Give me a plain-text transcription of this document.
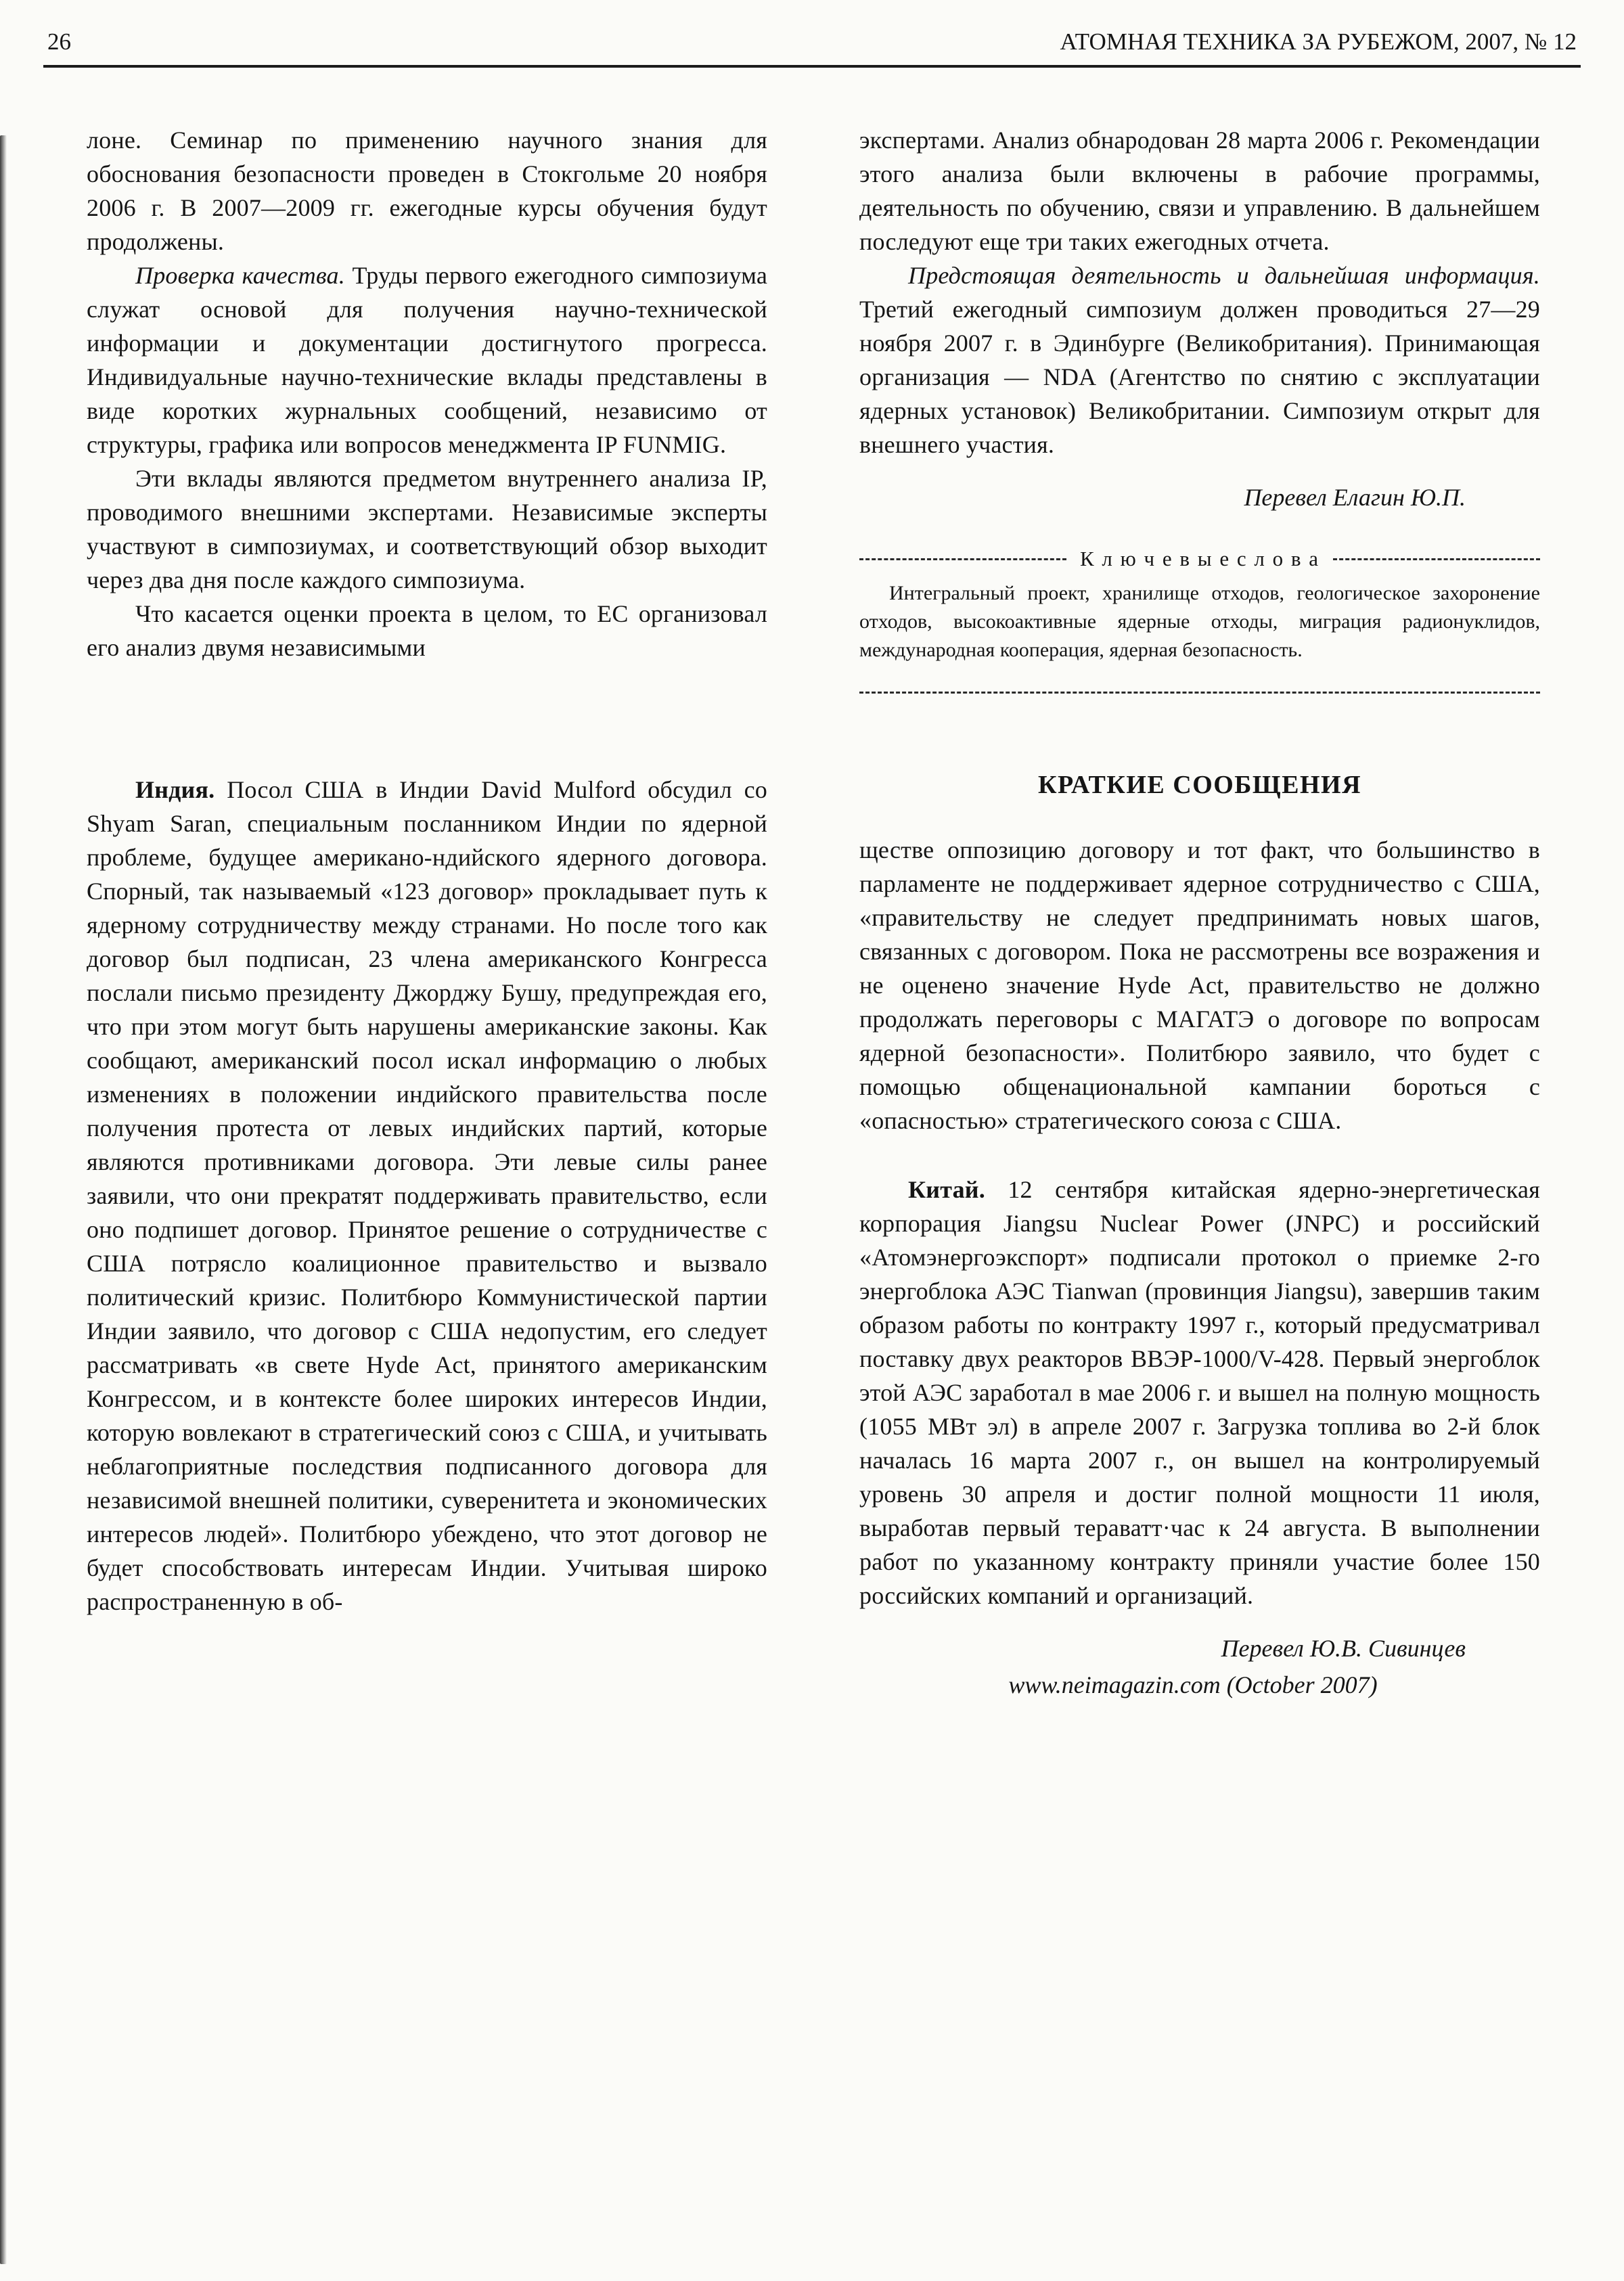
26	АТОМНАЯ ТЕХНИКА ЗА РУБЕЖОМ, 2007, № 12

лоне. Семинар по применению научного знания для обоснования безопасности проведен в Стокгольме 20 ноября 2006 г. В 2007—2009 гг. ежегодные курсы обучения будут продолжены.

Проверка качества. Труды первого ежегодного симпозиума служат основой для получения научно-технической информации и документации достигнутого прогресса. Индивидуальные научно-технические вклады представлены в виде коротких журнальных сообщений, независимо от структуры, графика или вопросов менеджмента IP FUNMIG.

Эти вклады являются предметом внутреннего анализа IP, проводимого внешними экспертами. Независимые эксперты участвуют в симпозиумах, и соответствующий обзор выходит через два дня после каждого симпозиума.

Что касается оценки проекта в целом, то ЕС организовал его анализ двумя независимыми

Индия. Посол США в Индии David Mulford обсудил со Shyam Saran, специальным посланником Индии по ядерной проблеме, будущее американо-ндийского ядерного договора. Спорный, так называемый «123 договор» прокладывает путь к ядерному сотрудничеству между странами. Но после того как договор был подписан, 23 члена американского Конгресса послали письмо президенту Джорджу Бушу, предупреждая его, что при этом могут быть нарушены американские законы. Как сообщают, американский посол искал информацию о любых изменениях в положении индийского правительства после получения протеста от левых индийских партий, которые являются противниками договора. Эти левые силы ранее заявили, что они прекратят поддерживать правительство, если оно подпишет договор. Принятое решение о сотрудничестве с США потрясло коалиционное правительство и вызвало политический кризис. Политбюро Коммунистической партии Индии заявило, что договор с США недопустим, его следует рассматривать «в свете Hyde Act, принятого американским Конгрессом, и в контексте более широких интересов Индии, которую вовлекают в стратегический союз с США, и учитывать неблагоприятные последствия подписанного договора для независимой внешней политики, суверенитета и экономических интересов людей». Политбюро убеждено, что этот договор не будет способствовать интересам Индии. Учитывая широко распространенную в об-

экспертами. Анализ обнародован 28 марта 2006 г. Рекомендации этого анализа были включены в рабочие программы, деятельность по обучению, связи и управлению. В дальнейшем последуют еще три таких ежегодных отчета.

Предстоящая деятельность и дальнейшая информация. Третий ежегодный симпозиум должен проводиться 27—29 ноября 2007 г. в Эдинбурге (Великобритания). Принимающая организация — NDA (Агентство по снятию с эксплуатации ядерных установок) Великобритании. Симпозиум открыт для внешнего участия.

Перевел Елагин Ю.П.

К л ю ч е в ы е с л о в а

Интегральный проект, хранилище отходов, геологическое захоронение отходов, высокоактивные ядерные отходы, миграция радионуклидов, международная кооперация, ядерная безопасность.

КРАТКИЕ СООБЩЕНИЯ

ществе оппозицию договору и тот факт, что большинство в парламенте не поддерживает ядерное сотрудничество с США, «правительству не следует предпринимать новых шагов, связанных с договором. Пока не рассмотрены все возражения и не оценено значение Hyde Act, правительство не должно продолжать переговоры с МАГАТЭ о договоре по вопросам ядерной безопасности». Политбюро заявило, что будет с помощью общенациональной кампании бороться с «опасностью» стратегического союза с США.

Китай. 12 сентября китайская ядерно-энергетическая корпорация Jiangsu Nuclear Power (JNPC) и российский «Атомэнергоэкспорт» подписали протокол о приемке 2-го энергоблока АЭС Tianwan (провинция Jiangsu), завершив таким образом работы по контракту 1997 г., который предусматривал поставку двух реакторов ВВЭР-1000/V-428. Первый энергоблок этой АЭС заработал в мае 2006 г. и вышел на полную мощность (1055 МВт эл) в апреле 2007 г. Загрузка топлива во 2-й блок началась 16 марта 2007 г., он вышел на контролируемый уровень 30 апреля и достиг полной мощности 11 июля, выработав первый тераватт·час к 24 августа. В выполнении работ по указанному контракту приняли участие более 150 российских компаний и организаций.

Перевел Ю.В. Сивинцев

www.neimagazin.com (October 2007)
